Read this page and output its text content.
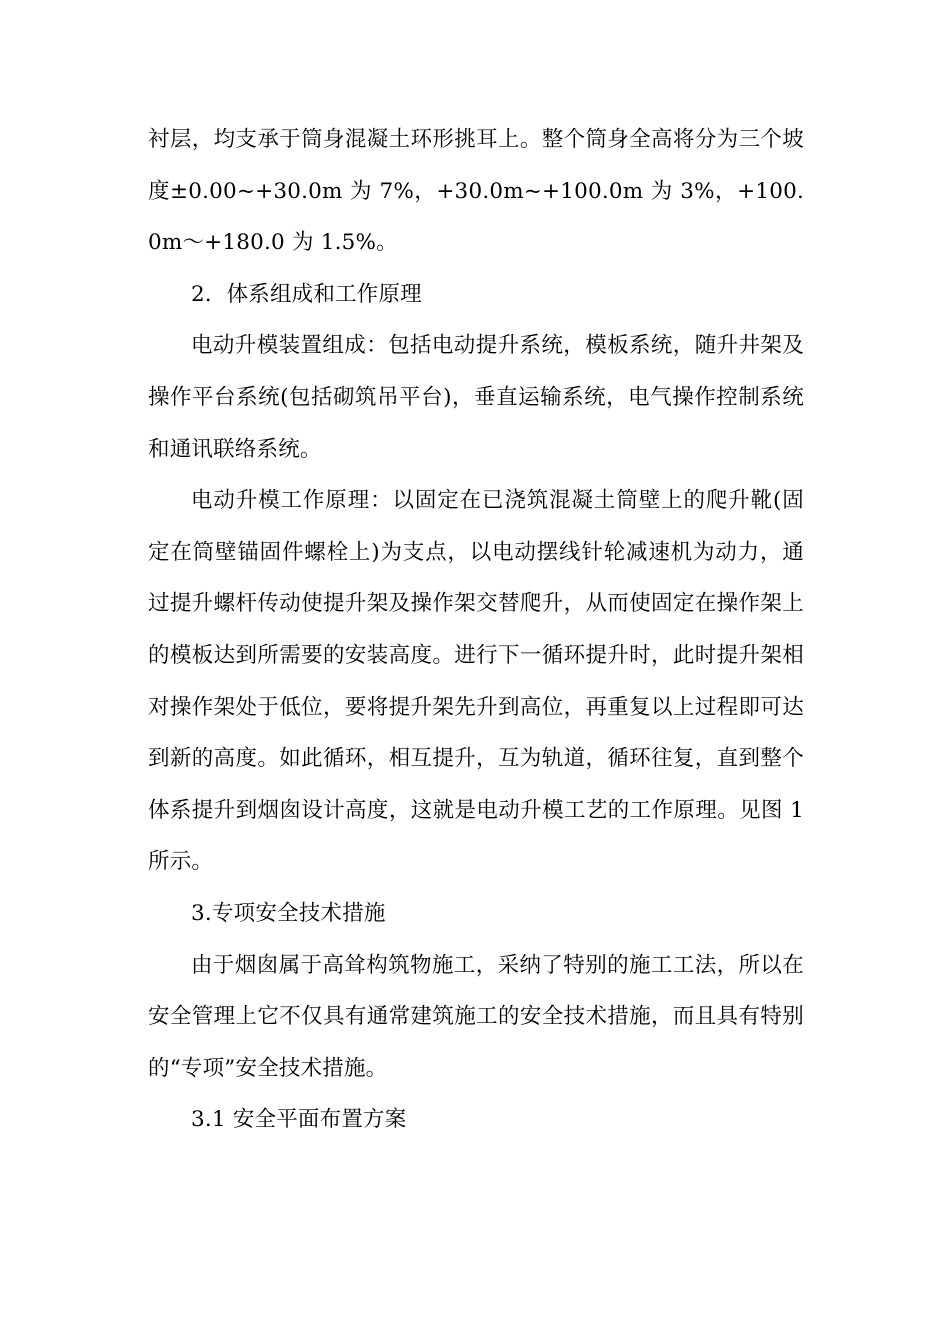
衬层，均支承于筒身混凝土环形挑耳上。整个筒身全高将分为三个坡度±0.00~+30.0m 为 7%，+30.0m~+100.0m 为 3%，+100.0m～+180.0 为 1.5%。

2．体系组成和工作原理

电动升模装置组成：包括电动提升系统，模板系统，随升井架及操作平台系统(包括砌筑吊平台)，垂直运输系统，电气操作控制系统和通讯联络系统。

电动升模工作原理：以固定在已浇筑混凝土筒壁上的爬升靴(固定在筒壁锚固件螺栓上)为支点，以电动摆线针轮减速机为动力，通过提升螺杆传动使提升架及操作架交替爬升，从而使固定在操作架上的模板达到所需要的安装高度。进行下一循环提升时，此时提升架相对操作架处于低位，要将提升架先升到高位，再重复以上过程即可达到新的高度。如此循环，相互提升，互为轨道，循环往复，直到整个体系提升到烟囱设计高度，这就是电动升模工艺的工作原理。见图 1 所示。

3.专项安全技术措施

由于烟囱属于高耸构筑物施工，采纳了特别的施工工法，所以在安全管理上它不仅具有通常建筑施工的安全技术措施，而且具有特别的“专项”安全技术措施。

3.1 安全平面布置方案
